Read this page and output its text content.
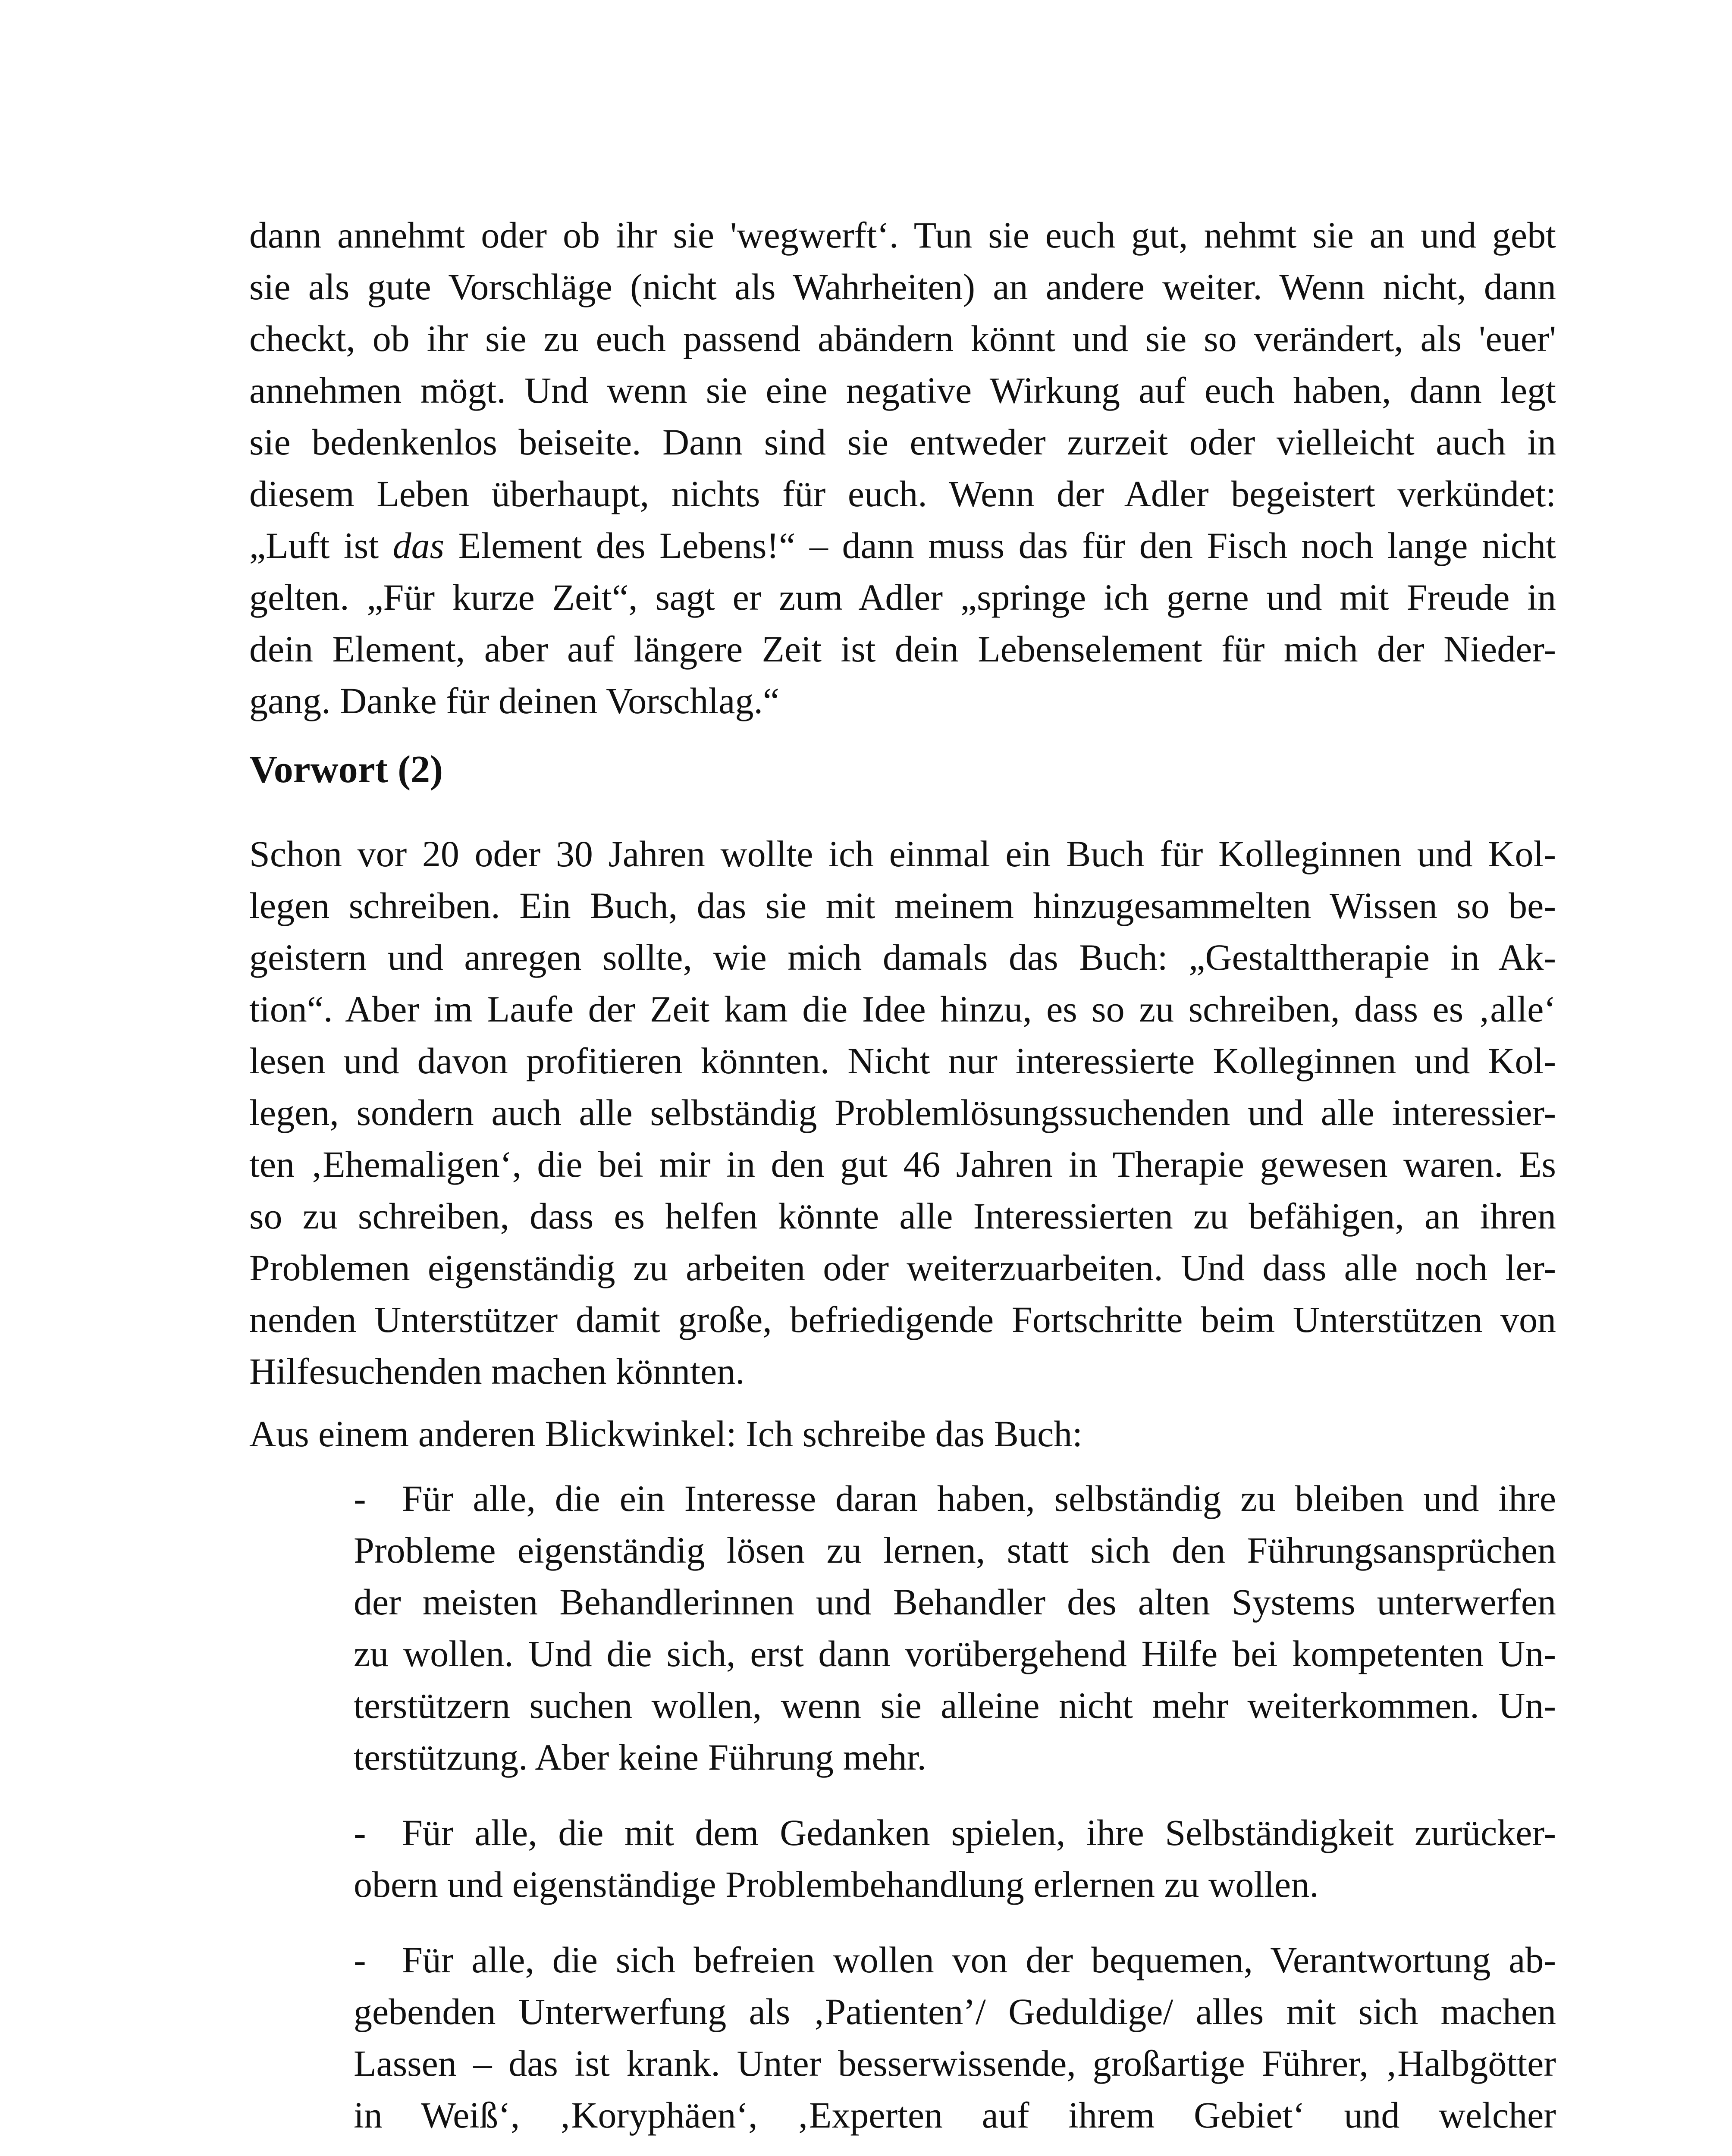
dann annehmt oder ob ihr sie 'wegwerft‘. Tun sie euch gut, nehmt sie an und gebt
sie als gute Vorschläge (nicht als Wahrheiten) an andere weiter. Wenn nicht, dann
checkt, ob ihr sie zu euch passend abändern könnt und sie so verändert, als 'euer'
annehmen mögt. Und wenn sie eine negative Wirkung auf euch haben, dann legt
sie bedenkenlos beiseite. Dann sind sie entweder zurzeit oder vielleicht auch in
diesem Leben überhaupt, nichts für euch. Wenn der Adler begeistert verkündet:
„Luft ist das Element des Lebens!“ – dann muss das für den Fisch noch lange nicht
gelten. „Für kurze Zeit“, sagt er zum Adler „springe ich gerne und mit Freude in
dein Element, aber auf längere Zeit ist dein Lebenselement für mich der Nieder-
gang. Danke für deinen Vorschlag.“
Vorwort (2)
Schon vor 20 oder 30 Jahren wollte ich einmal ein Buch für Kolleginnen und Kol-
legen schreiben. Ein Buch, das sie mit meinem hinzugesammelten Wissen so be-
geistern und anregen sollte, wie mich damals das Buch: „Gestalttherapie in Ak-
tion“. Aber im Laufe der Zeit kam die Idee hinzu, es so zu schreiben, dass es ‚alle‘
lesen und davon profitieren könnten. Nicht nur interessierte Kolleginnen und Kol-
legen, sondern auch alle selbständig Problemlösungssuchenden und alle interessier-
ten ‚Ehemaligen‘, die bei mir in den gut 46 Jahren in Therapie gewesen waren. Es
so zu schreiben, dass es helfen könnte alle Interessierten zu befähigen, an ihren
Problemen eigenständig zu arbeiten oder weiterzuarbeiten. Und dass alle noch ler-
nenden Unterstützer damit große, befriedigende Fortschritte beim Unterstützen von
Hilfesuchenden machen könnten.
Aus einem anderen Blickwinkel: Ich schreibe das Buch:
- Für alle, die ein Interesse daran haben, selbständig zu bleiben und ihre
Probleme eigenständig lösen zu lernen, statt sich den Führungsansprüchen
der meisten Behandlerinnen und Behandler des alten Systems unterwerfen
zu wollen. Und die sich, erst dann vorübergehend Hilfe bei kompetenten Un-
terstützern suchen wollen, wenn sie alleine nicht mehr weiterkommen. Un-
terstützung. Aber keine Führung mehr.
- Für alle, die mit dem Gedanken spielen, ihre Selbständigkeit zurücker-
obern und eigenständige Problembehandlung erlernen zu wollen.
- Für alle, die sich befreien wollen von der bequemen, Verantwortung ab-
gebenden Unterwerfung als ‚Patienten’/ Geduldige/ alles mit sich machen
Lassen – das ist krank. Unter besserwissende, großartige Führer, ‚Halbgötter
in Weiß‘, ‚Koryphäen‘, ‚Experten auf ihrem Gebiet‘ und welcher
